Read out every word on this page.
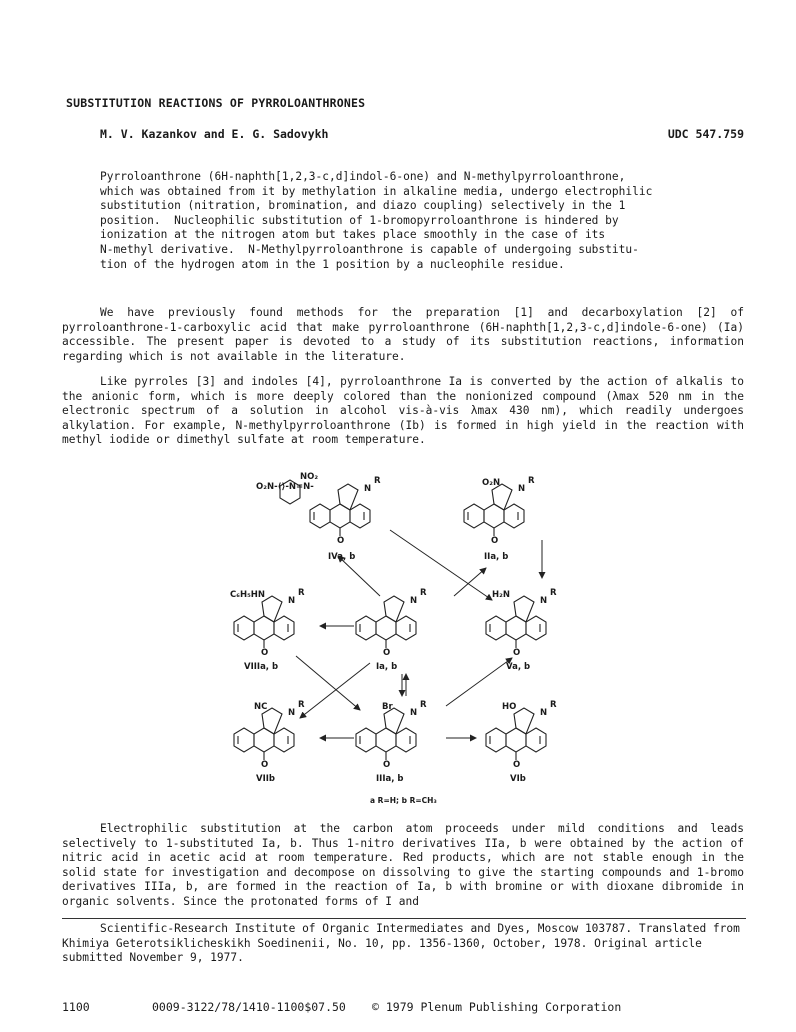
SUBSTITUTION REACTIONS OF PYRROLOANTHRONES
M. V. Kazankov and E. G. Sadovykh	UDC 547.759
Pyrroloanthrone (6H-naphth[1,2,3-c,d]indol-6-one) and N-methylpyrroloanthrone,
which was obtained from it by methylation in alkaline media, undergo electrophilic
substitution (nitration, bromination, and diazo coupling) selectively in the 1
position.  Nucleophilic substitution of 1-bromopyrroloanthrone is hindered by
ionization at the nitrogen atom but takes place smoothly in the case of its
N-methyl derivative.  N-Methylpyrroloanthrone is capable of undergoing substitu-
tion of the hydrogen atom in the 1 position by a nucleophile residue.
We have previously found methods for the preparation [1] and decarboxylation [2] of pyrroloanthrone-1-carboxylic acid that make pyrroloanthrone (6H-naphth[1,2,3-c,d]indole-6-one) (Ia) accessible. The present paper is devoted to a study of its substitution reactions, information regarding which is not available in the literature.
Like pyrroles [3] and indoles [4], pyrroloanthrone Ia is converted by the action of alkalis to the anionic form, which is more deeply colored than the nonionized compound (λmax 520 nm in the electronic spectrum of a solution in alcohol vis-à-vis λmax 430 nm), which readily undergoes alkylation. For example, N-methylpyrroloanthrone (Ib) is formed in high yield in the reaction with methyl iodide or dimethyl sulfate at room temperature.
O₂N-⟨⟩-N=N-
NO₂
O₂N
C₆H₅HN	H₂N
NC	Br	HO
N
R
N
R
N
R
N
R
N
R
N
R
N
R
N
R
O	O
O	O	O
O	O	O
IVa, b	IIa, b
VIIIa, b	Ia, b	Va, b
VIIb	IIIa, b	VIb
a R=H; b R=CH₃
Electrophilic substitution at the carbon atom proceeds under mild conditions and leads selectively to 1-substituted Ia, b. Thus 1-nitro derivatives IIa, b were obtained by the action of nitric acid in acetic acid at room temperature. Red products, which are not stable enough in the solid state for investigation and decompose on dissolving to give the starting compounds and 1-bromo derivatives IIIa, b, are formed in the reaction of Ia, b with bromine or with dioxane dibromide in organic solvents. Since the protonated forms of I and
Scientific-Research Institute of Organic Intermediates and Dyes, Moscow 103787. Translated from Khimiya Geterotsiklicheskikh Soedinenii, No. 10, pp. 1356-1360, October, 1978. Original article submitted November 9, 1977.
1100	0009-3122/78/1410-1100$07.50 © 1979 Plenum Publishing Corporation
